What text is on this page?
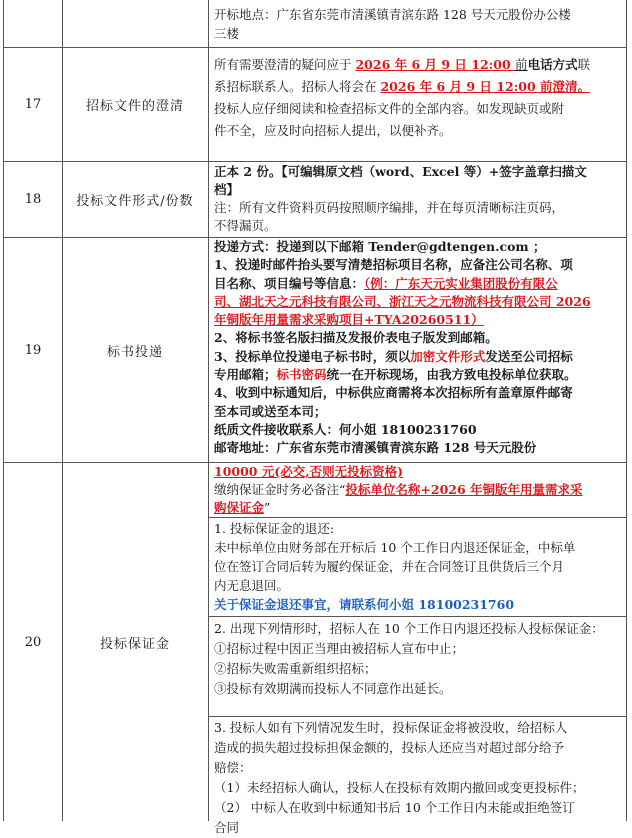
开标地点：广东省东莞市清溪镇青滨东路 128 号天元股份办公楼
三楼
17	招标文件的澄清
所有需要澄清的疑问应于 2026 年 6 月 9 日 12:00 前电话方式联
系招标联系人。招标人将会在 2026 年 6 月 9 日 12:00 前澄清。
投标人应仔细阅读和检查招标文件的全部内容。如发现缺页或附
件不全，应及时向招标人提出，以便补齐。
18	投标文件形式/份数
正本 2 份。【可编辑原文档（word、Excel 等）+签字盖章扫描文
档】
注：所有文件资料页码按照顺序编排，并在每页清晰标注页码，
不得漏页。
19	标书投递
投递方式：投递到以下邮箱 Tender@gdtengen.com ；
1、投递时邮件抬头要写清楚招标项目名称，应备注公司名称、项
目名称、项目编号等信息：（例：广东天元实业集团股份有限公
司、湖北天之元科技有限公司、浙江天之元物流科技有限公司 2026
年铜版年用量需求采购项目+TYA20260511）
2、将标书签名版扫描及发报价表电子版发到邮箱。
3、投标单位投递电子标书时，须以加密文件形式发送至公司招标
专用邮箱；标书密码统一在开标现场，由我方致电投标单位获取。
4、收到中标通知后，中标供应商需将本次招标所有盖章原件邮寄
至本司或送至本司；
纸质文件接收联系人：何小姐 18100231760
邮寄地址：广东省东莞市清溪镇青滨东路 128 号天元股份
20	投标保证金
10000 元(必交,否则无投标资格)
缴纳保证金时务必备注“投标单位名称+2026 年铜版年用量需求采
购保证金”
1. 投标保证金的退还:
未中标单位由财务部在开标后 10 个工作日内退还保证金，中标单
位在签订合同后转为履约保证金，并在合同签订且供货后三个月
内无息退回。
关于保证金退还事宜，请联系何小姐 18100231760
2. 出现下列情形时，招标人在 10 个工作日内退还投标人投标保证金：
①招标过程中因正当理由被招标人宣布中止；
②招标失败需重新组织招标；
③投标有效期满而投标人不同意作出延长。
3. 投标人如有下列情况发生时，投标保证金将被没收，给招标人
造成的损失超过投标担保金额的，投标人还应当对超过部分给予
赔偿：
（1）未经招标人确认，投标人在投标有效期内撤回或变更投标件；
（2） 中标人在收到中标通知书后 10 个工作日内未能或拒绝签订
合同
